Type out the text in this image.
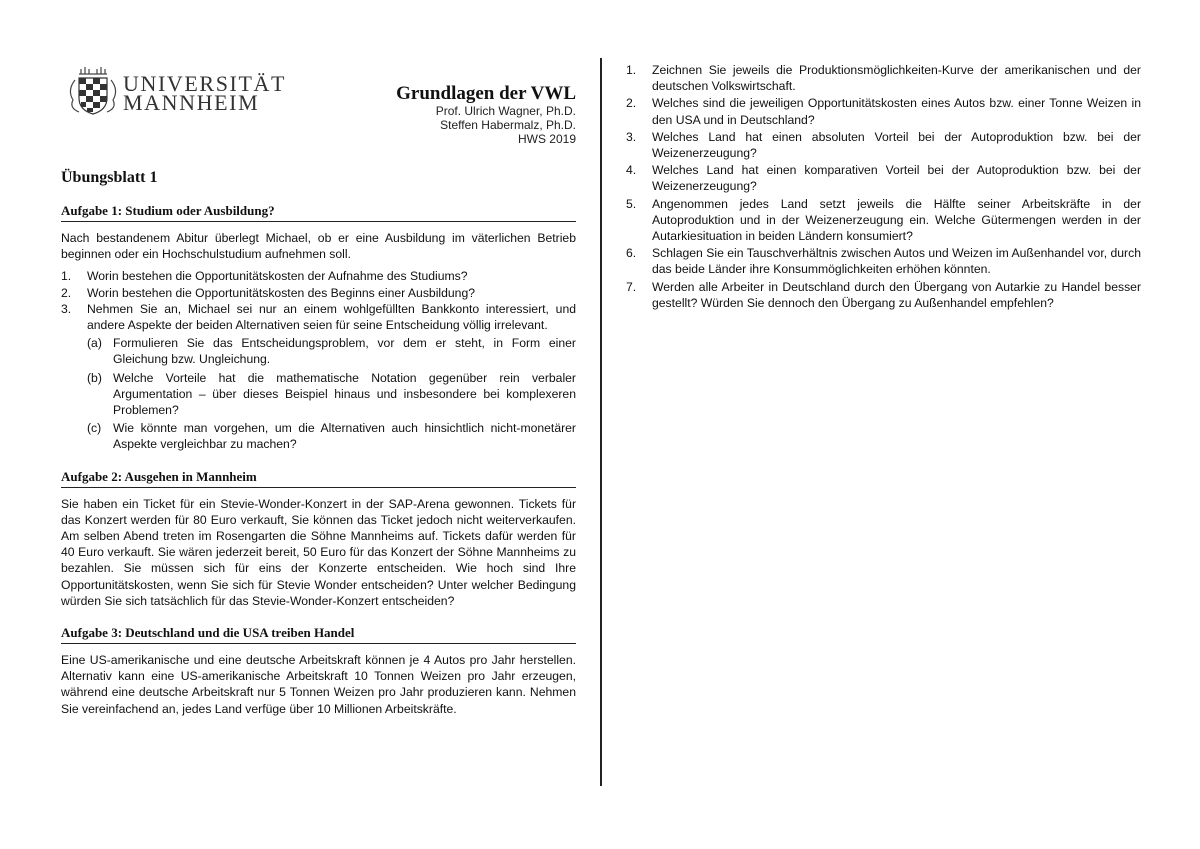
UNIVERSITÄT
MANNHEIM	Grundlagen der VWL
Prof. Ulrich Wagner, Ph.D.
Steffen Habermalz, Ph.D.
HWS 2019
Übungsblatt 1
Aufgabe 1: Studium oder Ausbildung?
Nach bestandenem Abitur überlegt Michael, ob er eine Ausbildung im väterlichen Betrieb beginnen oder ein Hochschulstudium aufnehmen soll.
1. Worin bestehen die Opportunitätskosten der Aufnahme des Studiums?
2. Worin bestehen die Opportunitätskosten des Beginns einer Ausbildung?
3. Nehmen Sie an, Michael sei nur an einem wohlgefüllten Bankkonto interessiert, und andere Aspekte der beiden Alternativen seien für seine Entscheidung völlig irrelevant.
(a) Formulieren Sie das Entscheidungsproblem, vor dem er steht, in Form einer Gleichung bzw. Ungleichung.
(b) Welche Vorteile hat die mathematische Notation gegenüber rein verbaler Argumentation – über dieses Beispiel hinaus und insbesondere bei komplexeren Problemen?
(c) Wie könnte man vorgehen, um die Alternativen auch hinsichtlich nicht-monetärer Aspekte vergleichbar zu machen?
Aufgabe 2: Ausgehen in Mannheim
Sie haben ein Ticket für ein Stevie-Wonder-Konzert in der SAP-Arena gewonnen. Tickets für das Konzert werden für 80 Euro verkauft, Sie können das Ticket jedoch nicht weiterverkaufen. Am selben Abend treten im Rosengarten die Söhne Mannheims auf. Tickets dafür werden für 40 Euro verkauft. Sie wären jederzeit bereit, 50 Euro für das Konzert der Söhne Mannheims zu bezahlen. Sie müssen sich für eins der Konzerte entscheiden. Wie hoch sind Ihre Opportunitätskosten, wenn Sie sich für Stevie Wonder entscheiden? Unter welcher Bedingung würden Sie sich tatsächlich für das Stevie-Wonder-Konzert entscheiden?
Aufgabe 3: Deutschland und die USA treiben Handel
Eine US-amerikanische und eine deutsche Arbeitskraft können je 4 Autos pro Jahr herstellen. Alternativ kann eine US-amerikanische Arbeitskraft 10 Tonnen Weizen pro Jahr erzeugen, während eine deutsche Arbeitskraft nur 5 Tonnen Weizen pro Jahr produzieren kann. Nehmen Sie vereinfachend an, jedes Land verfüge über 10 Millionen Arbeitskräfte.
1. Zeichnen Sie jeweils die Produktionsmöglichkeiten-Kurve der amerikanischen und der deutschen Volkswirtschaft.
2. Welches sind die jeweiligen Opportunitätskosten eines Autos bzw. einer Tonne Weizen in den USA und in Deutschland?
3. Welches Land hat einen absoluten Vorteil bei der Autoproduktion bzw. bei der Weizenerzeugung?
4. Welches Land hat einen komparativen Vorteil bei der Autoproduktion bzw. bei der Weizenerzeugung?
5. Angenommen jedes Land setzt jeweils die Hälfte seiner Arbeitskräfte in der Autoproduktion und in der Weizenerzeugung ein. Welche Gütermengen werden in der Autarkiesituation in beiden Ländern konsumiert?
6. Schlagen Sie ein Tauschverhältnis zwischen Autos und Weizen im Außenhandel vor, durch das beide Länder ihre Konsummöglichkeiten erhöhen könnten.
7. Werden alle Arbeiter in Deutschland durch den Übergang von Autarkie zu Handel besser gestellt? Würden Sie dennoch den Übergang zu Außenhandel empfehlen?
